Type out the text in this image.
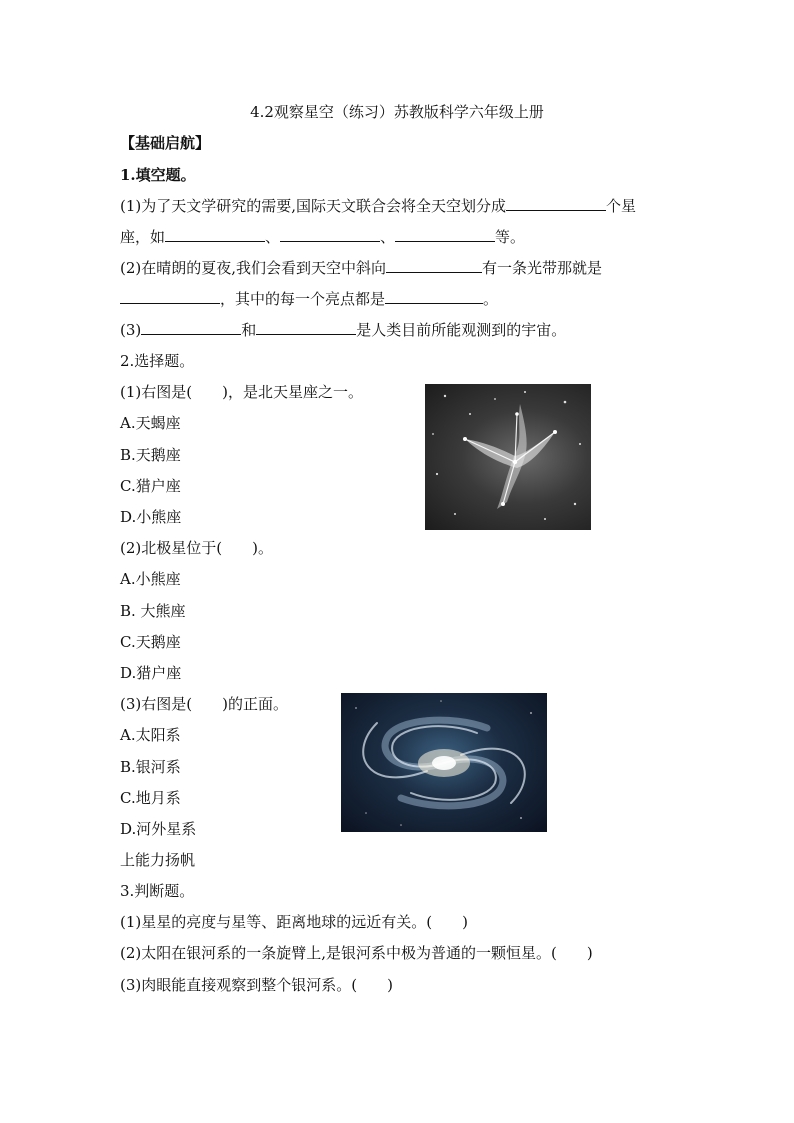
4.2观察星空（练习）苏教版科学六年级上册
【基础启航】
1.填空题。
(1)为了天文学研究的需要,国际天文联合会将全天空划分成	个星
座，如	、	、	等。
(2)在晴朗的夏夜,我们会看到天空中斜向	有一条光带那就是
，其中的每一个亮点都是	。
(3)	和	是人类目前所能观测到的宇宙。
2.选择题。
(1)右图是(　　)，是北天星座之一。
A.天蝎座
B.天鹅座
C.猎户座
D.小熊座
(2)北极星位于(　　)。
A.小熊座
B. 大熊座
C.天鹅座
D.猎户座
(3)右图是(　　)的正面。
A.太阳系
B.银河系
C.地月系
D.河外星系
上能力扬帆
3.判断题。
(1)星星的亮度与星等、距离地球的远近有关。(　　)
(2)太阳在银河系的一条旋臂上,是银河系中极为普通的一颗恒星。(　　)
(3)肉眼能直接观察到整个银河系。(　　)
